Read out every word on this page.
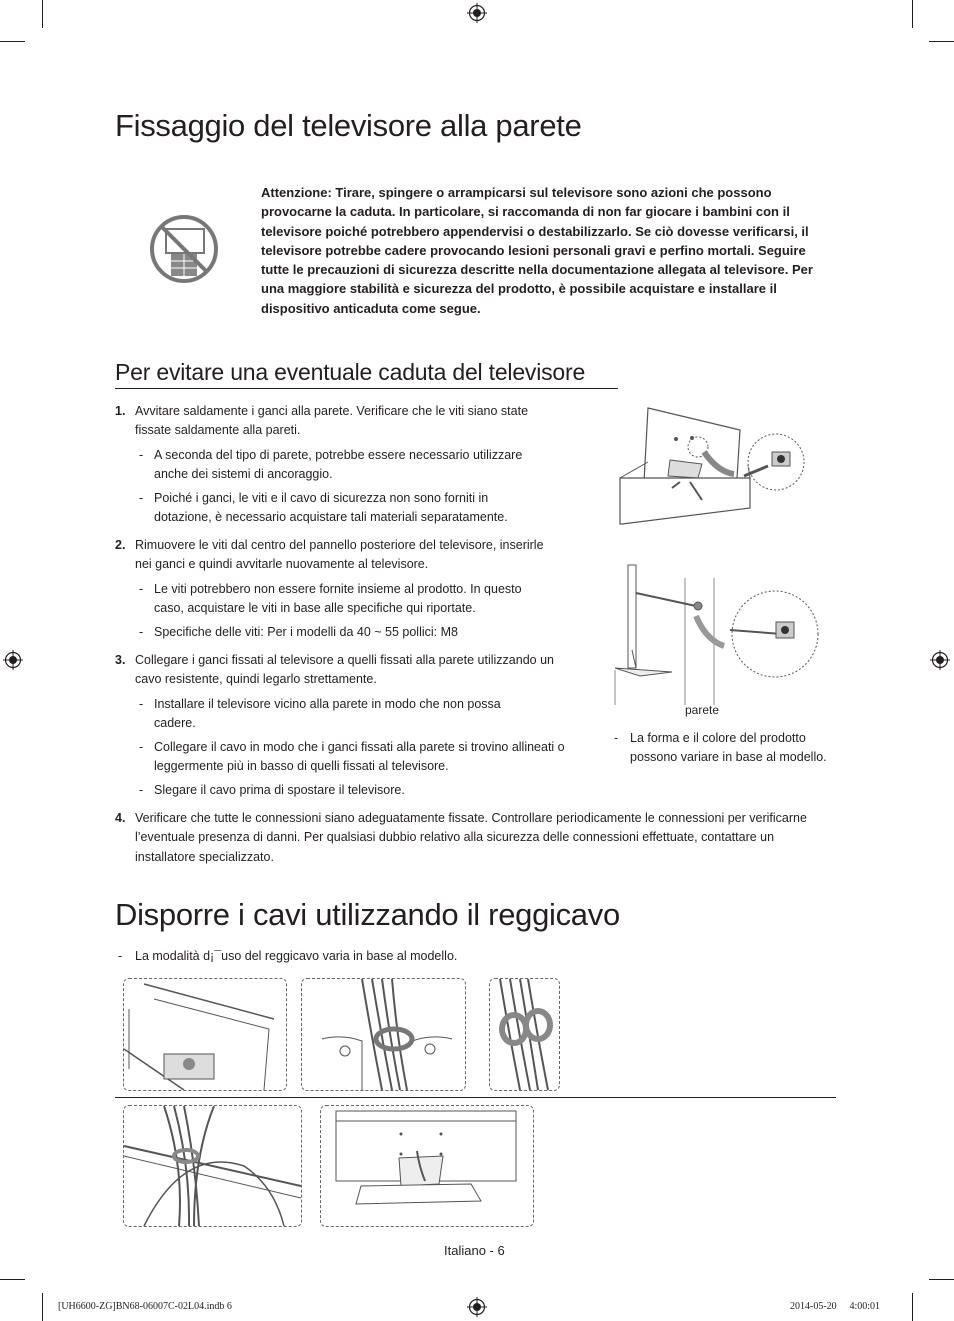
Fissaggio del televisore alla parete
Attenzione: Tirare, spingere o arrampicarsi sul televisore sono azioni che possono provocarne la caduta. In particolare, si raccomanda di non far giocare i bambini con il televisore poiché potrebbero appendervisi o destabilizzarlo. Se ciò dovesse verificarsi, il televisore potrebbe cadere provocando lesioni personali gravi e perfino mortali. Seguire tutte le precauzioni di sicurezza descritte nella documentazione allegata al televisore. Per una maggiore stabilità e sicurezza del prodotto, è possibile acquistare e installare il dispositivo anticaduta come segue.
Per evitare una eventuale caduta del televisore
1. Avvitare saldamente i ganci alla parete. Verificare che le viti siano state
fissate saldamente alla pareti.
- A seconda del tipo di parete, potrebbe essere necessario utilizzare
anche dei sistemi di ancoraggio.
- Poiché i ganci, le viti e il cavo di sicurezza non sono forniti in
dotazione, è necessario acquistare tali materiali separatamente.
2. Rimuovere le viti dal centro del pannello posteriore del televisore, inserirle
nei ganci e quindi avvitarle nuovamente al televisore.
- Le viti potrebbero non essere fornite insieme al prodotto. In questo
caso, acquistare le viti in base alle specifiche qui riportate.
- Specifiche delle viti: Per i modelli da 40 ~ 55 pollici: M8
3. Collegare i ganci fissati al televisore a quelli fissati alla parete utilizzando un
cavo resistente, quindi legarlo strettamente.
- Installare il televisore vicino alla parete in modo che non possa
cadere.
- Collegare il cavo in modo che i ganci fissati alla parete si trovino allineati o
leggermente più in basso di quelli fissati al televisore.
- Slegare il cavo prima di spostare il televisore.
4. Verificare che tutte le connessioni siano adeguatamente fissate. Controllare periodicamente le connessioni per verificarne
l’eventuale presenza di danni. Per qualsiasi dubbio relativo alla sicurezza delle connessioni effettuate, contattare un
installatore specializzato.
parete
- La forma e il colore del prodotto
possono variare in base al modello.
Disporre i cavi utilizzando il reggicavo
- La modalità d¡¯uso del reggicavo varia in base al modello.
Italiano - 6
[UH6600-ZG]BN68-06007C-02L04.indb 6	2014-05-20 ￿ 4:00:01
